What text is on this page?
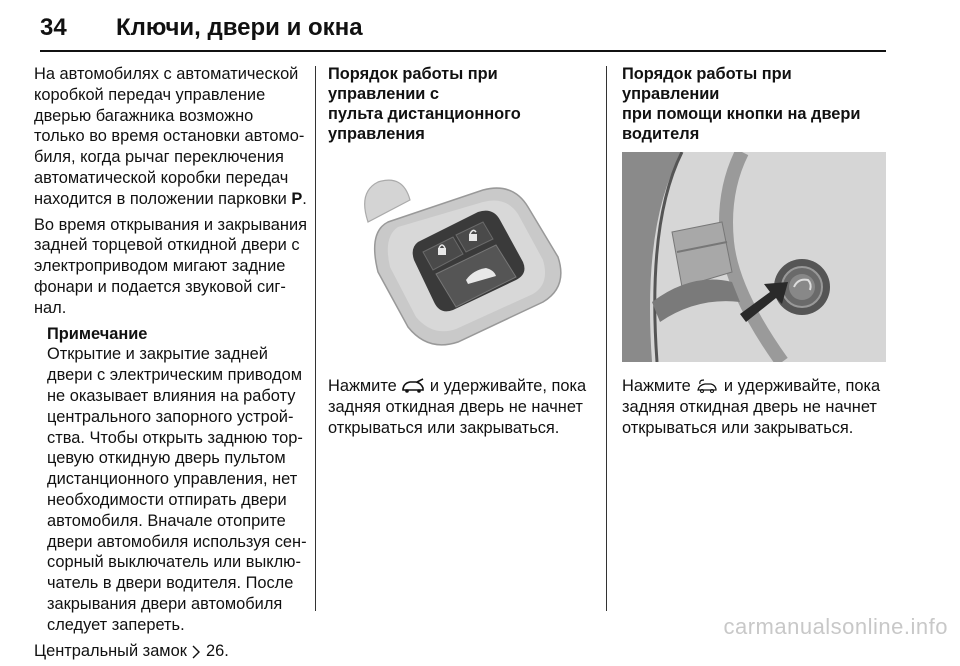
34 Ключи, двери и окна

На автомобилях с автоматической
коробкой передач управление
дверью багажника возможно
только во время остановки автомо-
биля, когда рычаг переключения
автоматической коробки передач
находится в положении парковки P.

Во время открывания и закрывания
задней торцевой откидной двери с
электроприводом мигают задние
фонари и подается звуковой сиг-
нал.

Примечание

Открытие и закрытие задней
двери с электрическим приводом
не оказывает влияния на работу
центрального запорного устрой-
ства. Чтобы открыть заднюю тор-
цевую откидную дверь пультом
дистанционного управления, нет
необходимости отпирать двери
автомобиля. Вначале отоприте
двери автомобиля используя сен-
сорный выключатель или выклю-
чатель в двери водителя. После
закрывания двери автомобиля
следует запереть.

Центральный замок 26.

Порядок работы при управлении с
пульта дистанционного
управления

Нажмите и удерживайте, пока
задняя откидная дверь не начнет
открываться или закрываться.

Порядок работы при управлении
при помощи кнопки на двери
водителя

Нажмите и удерживайте, пока
задняя откидная дверь не начнет
открываться или закрываться.

carmanualsonline.info
